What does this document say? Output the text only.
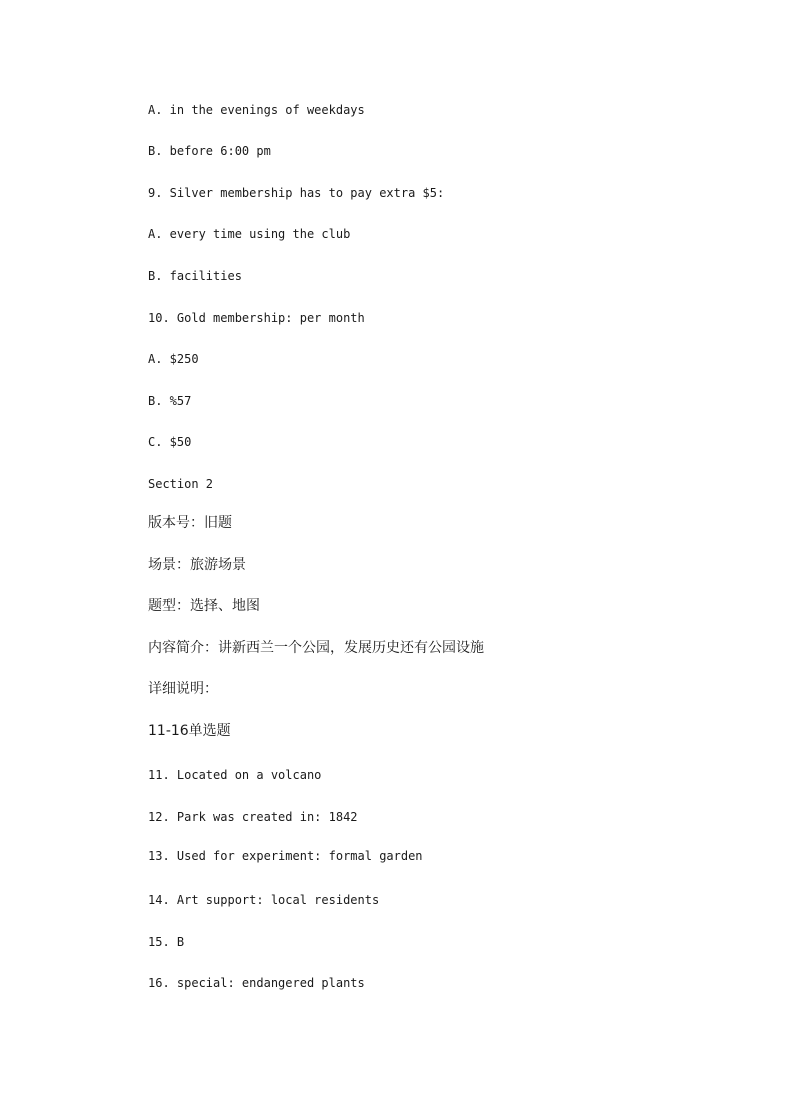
A. in the evenings of weekdays

B. before 6:00 pm

9. Silver membership has to pay extra $5:

A. every time using the club

B. facilities

10. Gold membership: per month

A. $250

B. %57

C. $50

Section 2

版本号：旧题

场景：旅游场景

题型：选择、地图

内容简介：讲新西兰一个公园，发展历史还有公园设施

详细说明：

11-16单选题

11. Located on a volcano

12. Park was created in: 1842

13. Used for experiment: formal garden

14. Art support: local residents

15. B

16. special: endangered plants
